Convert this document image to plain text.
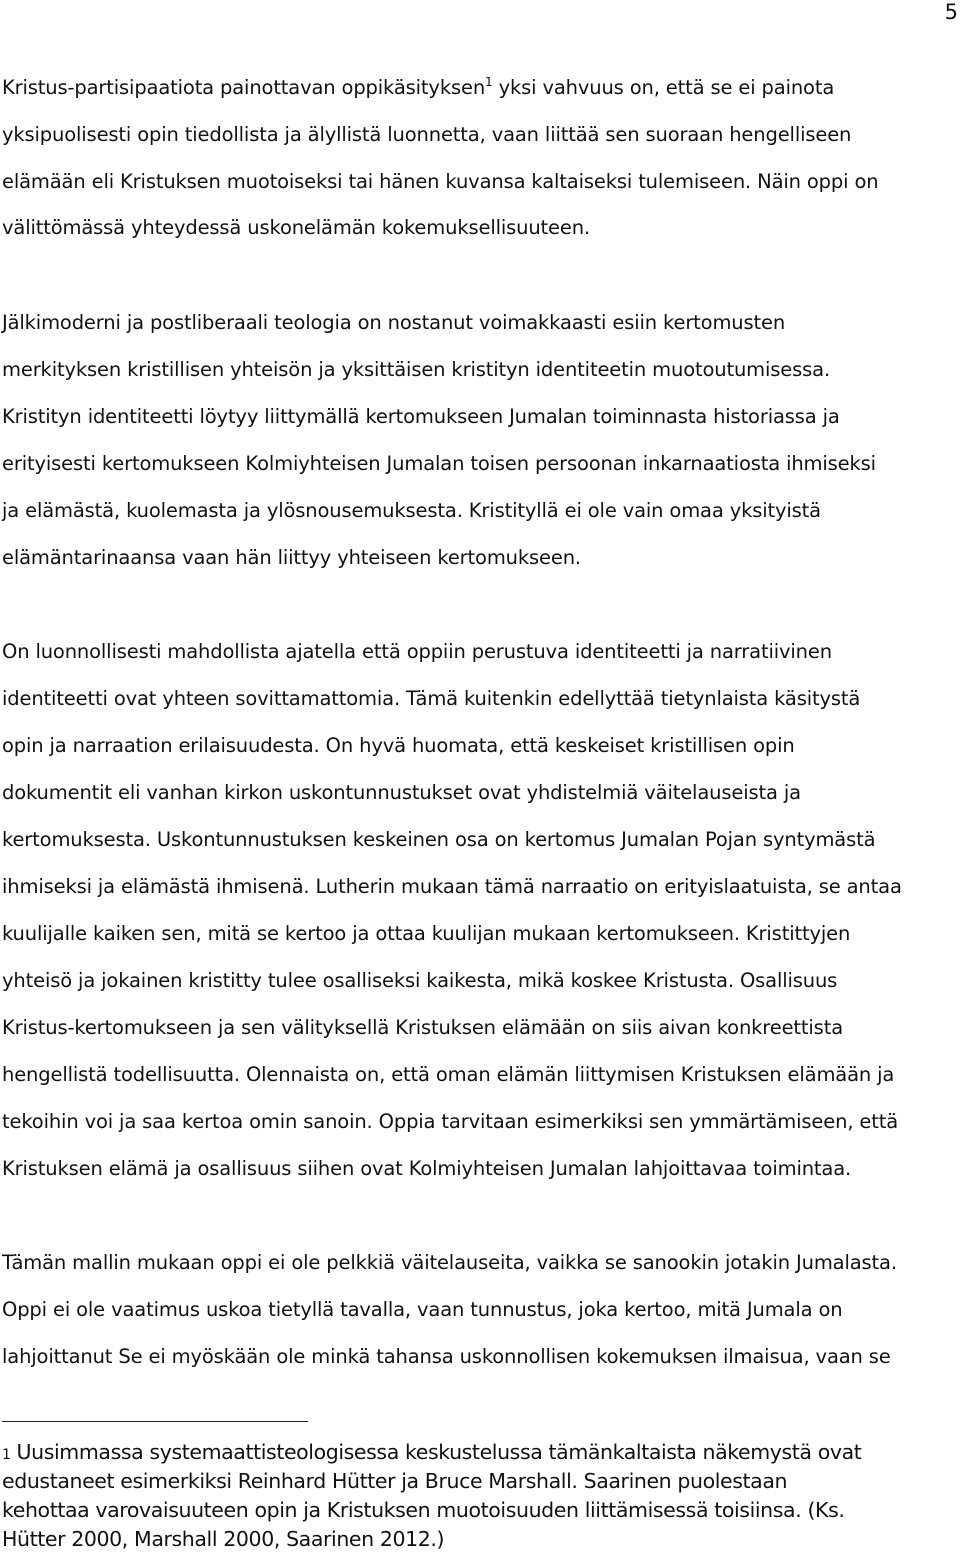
5
Kristus-partisipaatiota painottavan oppikäsityksen$^1$ yksi vahvuus on, että se ei painota
yksipuolisesti opin tiedollista ja älyllistä luonnetta, vaan liittää sen suoraan hengelliseen
elämään eli Kristuksen muotoiseksi tai hänen kuvansa kaltaiseksi tulemiseen. Näin oppi on
välittömässä yhteydessä uskonelämän kokemuksellisuuteen.
Jälkimoderni ja postliberaali teologia on nostanut voimakkaasti esiin kertomusten
merkityksen kristillisen yhteisön ja yksittäisen kristityn identiteetin muotoutumisessa.
Kristityn identiteetti löytyy liittymällä kertomukseen Jumalan toiminnasta historiassa ja
erityisesti kertomukseen Kolmiyhteisen Jumalan toisen persoonan inkarnaatiosta ihmiseksi
ja elämästä, kuolemasta ja ylösnousemuksesta. Kristityllä ei ole vain omaa yksityistä
elämäntarinaansa vaan hän liittyy yhteiseen kertomukseen.
On luonnollisesti mahdollista ajatella että oppiin perustuva identiteetti ja narratiivinen
identiteetti ovat yhteen sovittamattomia. Tämä kuitenkin edellyttää tietynlaista käsitystä
opin ja narraation erilaisuudesta. On hyvä huomata, että keskeiset kristillisen opin
dokumentit eli vanhan kirkon uskontunnustukset ovat yhdistelmiä väitelauseista ja
kertomuksesta. Uskontunnustuksen keskeinen osa on kertomus Jumalan Pojan syntymästä
ihmiseksi ja elämästä ihmisenä. Lutherin mukaan tämä narraatio on erityislaatuista, se antaa
kuulijalle kaiken sen, mitä se kertoo ja ottaa kuulijan mukaan kertomukseen. Kristittyjen
yhteisö ja jokainen kristitty tulee osalliseksi kaikesta, mikä koskee Kristusta. Osallisuus
Kristus-kertomukseen ja sen välityksellä Kristuksen elämään on siis aivan konkreettista
hengellistä todellisuutta. Olennaista on, että oman elämän liittymisen Kristuksen elämään ja
tekoihin voi ja saa kertoa omin sanoin. Oppia tarvitaan esimerkiksi sen ymmärtämiseen, että
Kristuksen elämä ja osallisuus siihen ovat Kolmiyhteisen Jumalan lahjoittavaa toimintaa.
Tämän mallin mukaan oppi ei ole pelkkiä väitelauseita, vaikka se sanookin jotakin Jumalasta.
Oppi ei ole vaatimus uskoa tietyllä tavalla, vaan tunnustus, joka kertoo, mitä Jumala on
lahjoittanut Se ei myöskään ole minkä tahansa uskonnollisen kokemuksen ilmaisua, vaan se
1 Uusimmassa systemaattisteologisessa keskustelussa tämänkaltaista näkemystä ovat
edustaneet esimerkiksi Reinhard Hütter ja Bruce Marshall. Saarinen puolestaan
kehottaa varovaisuuteen opin ja Kristuksen muotoisuuden liittämisessä toisiinsa. (Ks.
Hütter 2000, Marshall 2000, Saarinen 2012.)
